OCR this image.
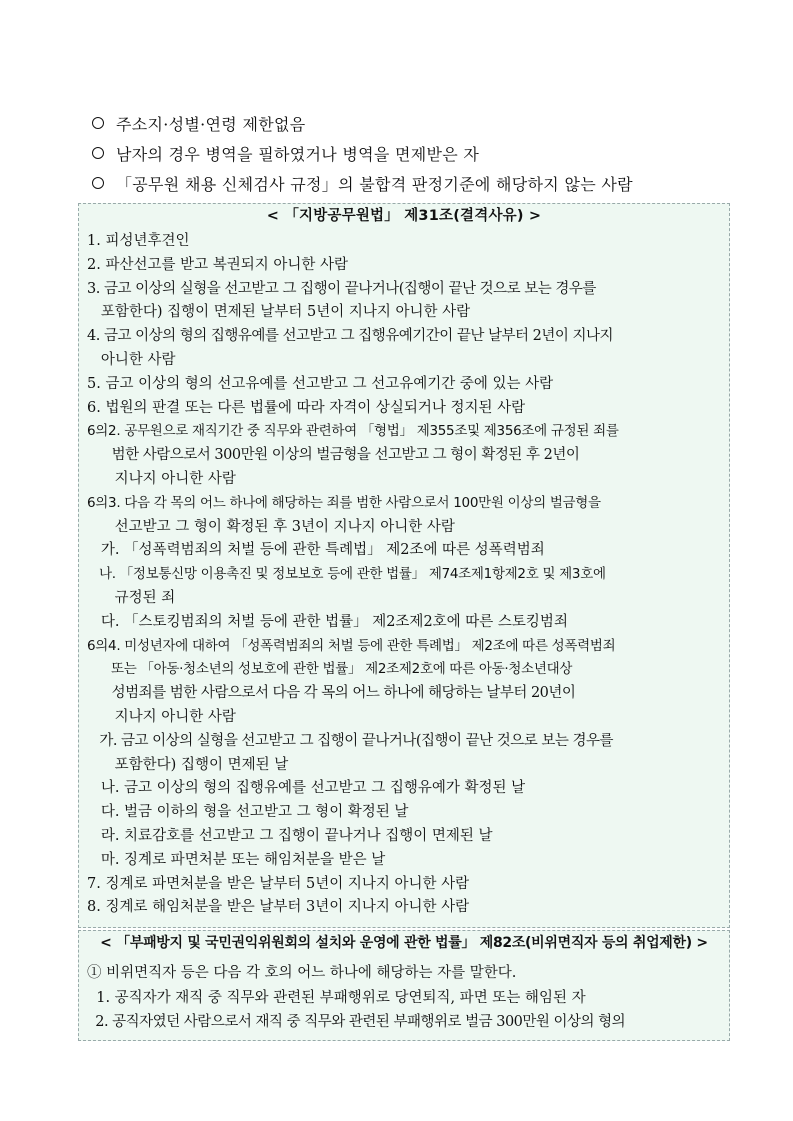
주소지·성별·연령 제한없음
남자의 경우 병역을 필하였거나 병역을 면제받은 자
「공무원 채용 신체검사 규정」의 불합격 판정기준에 해당하지 않는 사람
< 「지방공무원법」 제31조(결격사유) >
1. 피성년후견인
2. 파산선고를 받고 복권되지 아니한 사람
3. 금고 이상의 실형을 선고받고 그 집행이 끝나거나(집행이 끝난 것으로 보는 경우를
포함한다) 집행이 면제된 날부터 5년이 지나지 아니한 사람
4. 금고 이상의 형의 집행유예를 선고받고 그 집행유예기간이 끝난 날부터 2년이 지나지
아니한 사람
5. 금고 이상의 형의 선고유예를 선고받고 그 선고유예기간 중에 있는 사람
6. 법원의 판결 또는 다른 법률에 따라 자격이 상실되거나 정지된 사람
6의2. 공무원으로 재직기간 중 직무와 관련하여 「형법」 제355조및 제356조에 규정된 죄를
범한 사람으로서 300만원 이상의 벌금형을 선고받고 그 형이 확정된 후 2년이
지나지 아니한 사람
6의3. 다음 각 목의 어느 하나에 해당하는 죄를 범한 사람으로서 100만원 이상의 벌금형을
선고받고 그 형이 확정된 후 3년이 지나지 아니한 사람
가. 「성폭력범죄의 처벌 등에 관한 특례법」 제2조에 따른 성폭력범죄
나. 「정보통신망 이용촉진 및 정보보호 등에 관한 법률」 제74조제1항제2호 및 제3호에
규정된 죄
다. 「스토킹범죄의 처벌 등에 관한 법률」 제2조제2호에 따른 스토킹범죄
6의4. 미성년자에 대하여 「성폭력범죄의 처벌 등에 관한 특례법」 제2조에 따른 성폭력범죄
또는 「아동·청소년의 성보호에 관한 법률」 제2조제2호에 따른 아동·청소년대상
성범죄를 범한 사람으로서 다음 각 목의 어느 하나에 해당하는 날부터 20년이
지나지 아니한 사람
가. 금고 이상의 실형을 선고받고 그 집행이 끝나거나(집행이 끝난 것으로 보는 경우를
포함한다) 집행이 면제된 날
나. 금고 이상의 형의 집행유예를 선고받고 그 집행유예가 확정된 날
다. 벌금 이하의 형을 선고받고 그 형이 확정된 날
라. 치료감호를 선고받고 그 집행이 끝나거나 집행이 면제된 날
마. 징계로 파면처분 또는 해임처분을 받은 날
7. 징계로 파면처분을 받은 날부터 5년이 지나지 아니한 사람
8. 징계로 해임처분을 받은 날부터 3년이 지나지 아니한 사람
< 「부패방지 및 국민권익위원회의 설치와 운영에 관한 법률」 제82조(비위면직자 등의 취업제한) >
① 비위면직자 등은 다음 각 호의 어느 하나에 해당하는 자를 말한다.
1. 공직자가 재직 중 직무와 관련된 부패행위로 당연퇴직, 파면 또는 해임된 자
2. 공직자였던 사람으로서 재직 중 직무와 관련된 부패행위로 벌금 300만원 이상의 형의
